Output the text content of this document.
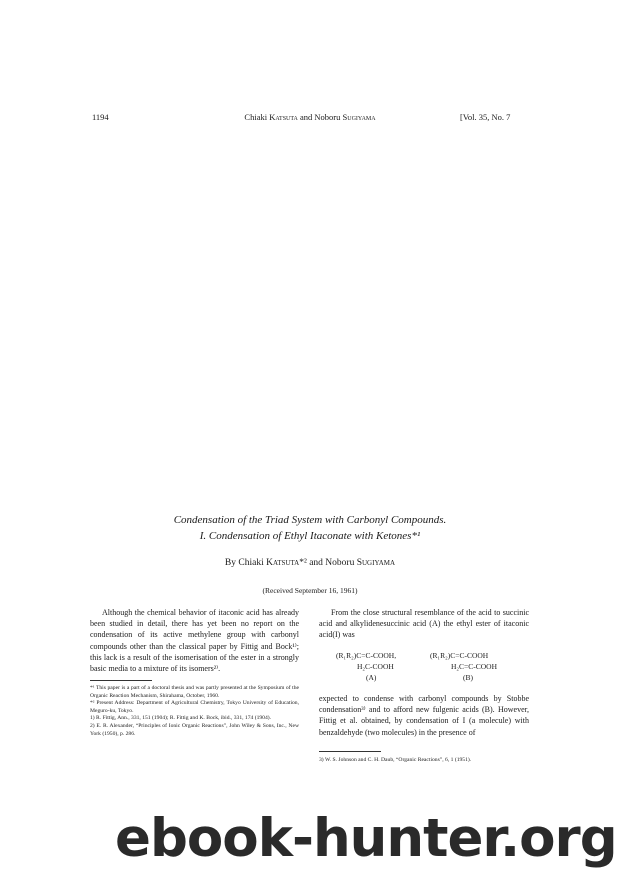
1194	Chiaki Katsuta and Noboru Sugiyama	[Vol. 35, No. 7
Condensation of the Triad System with Carbonyl Compounds.
I. Condensation of Ethyl Itaconate with Ketones*¹
By Chiaki Katsuta*² and Noboru Sugiyama
(Received September 16, 1961)

Although the chemical behavior of itaconic acid has already been studied in detail, there has yet been no report on the condensation of its active methylene group with carbonyl compounds other than the classical paper by Fittig and Bock¹⁾; this lack is a result of the isomerisation of the ester in a strongly basic media to a mixture of its isomers²⁾.

*¹ This paper is a part of a doctoral thesis and was partly presented at the Symposium of the Organic Reaction Mechanism, Shirahama, October, 1960.
*² Present Address: Department of Agricultural Chemistry, Tokyo University of Education, Meguro-ku, Tokyo.
1) R. Fittig, Ann., 331, 151 (1904); R. Fittig and K. Bock, ibid., 331, 174 (1904).
2) E. R. Alexander, “Principles of Ionic Organic Reactions”, John Wiley & Sons, Inc., New York (1950), p. 286.

From the close structural resemblance of the acid to succinic acid and alkylidenesuccinic acid (A) the ethyl ester of itaconic acid(I) was

(R₁R₂)C=C-COOH,
H₂C-COOH
(A)
(R₁R₂)C=C-COOH
H₂C=C-COOH
(B)

expected to condense with carbonyl compounds by Stobbe condensation³⁾ and to afford new fulgenic acids (B). However, Fittig et al. obtained, by condensation of I (a molecule) with benzaldehyde (two molecules) in the presence of

3) W. S. Johnson and C. H. Daub, “Organic Reactions”, 6, 1 (1951).
ebook-hunter.org
